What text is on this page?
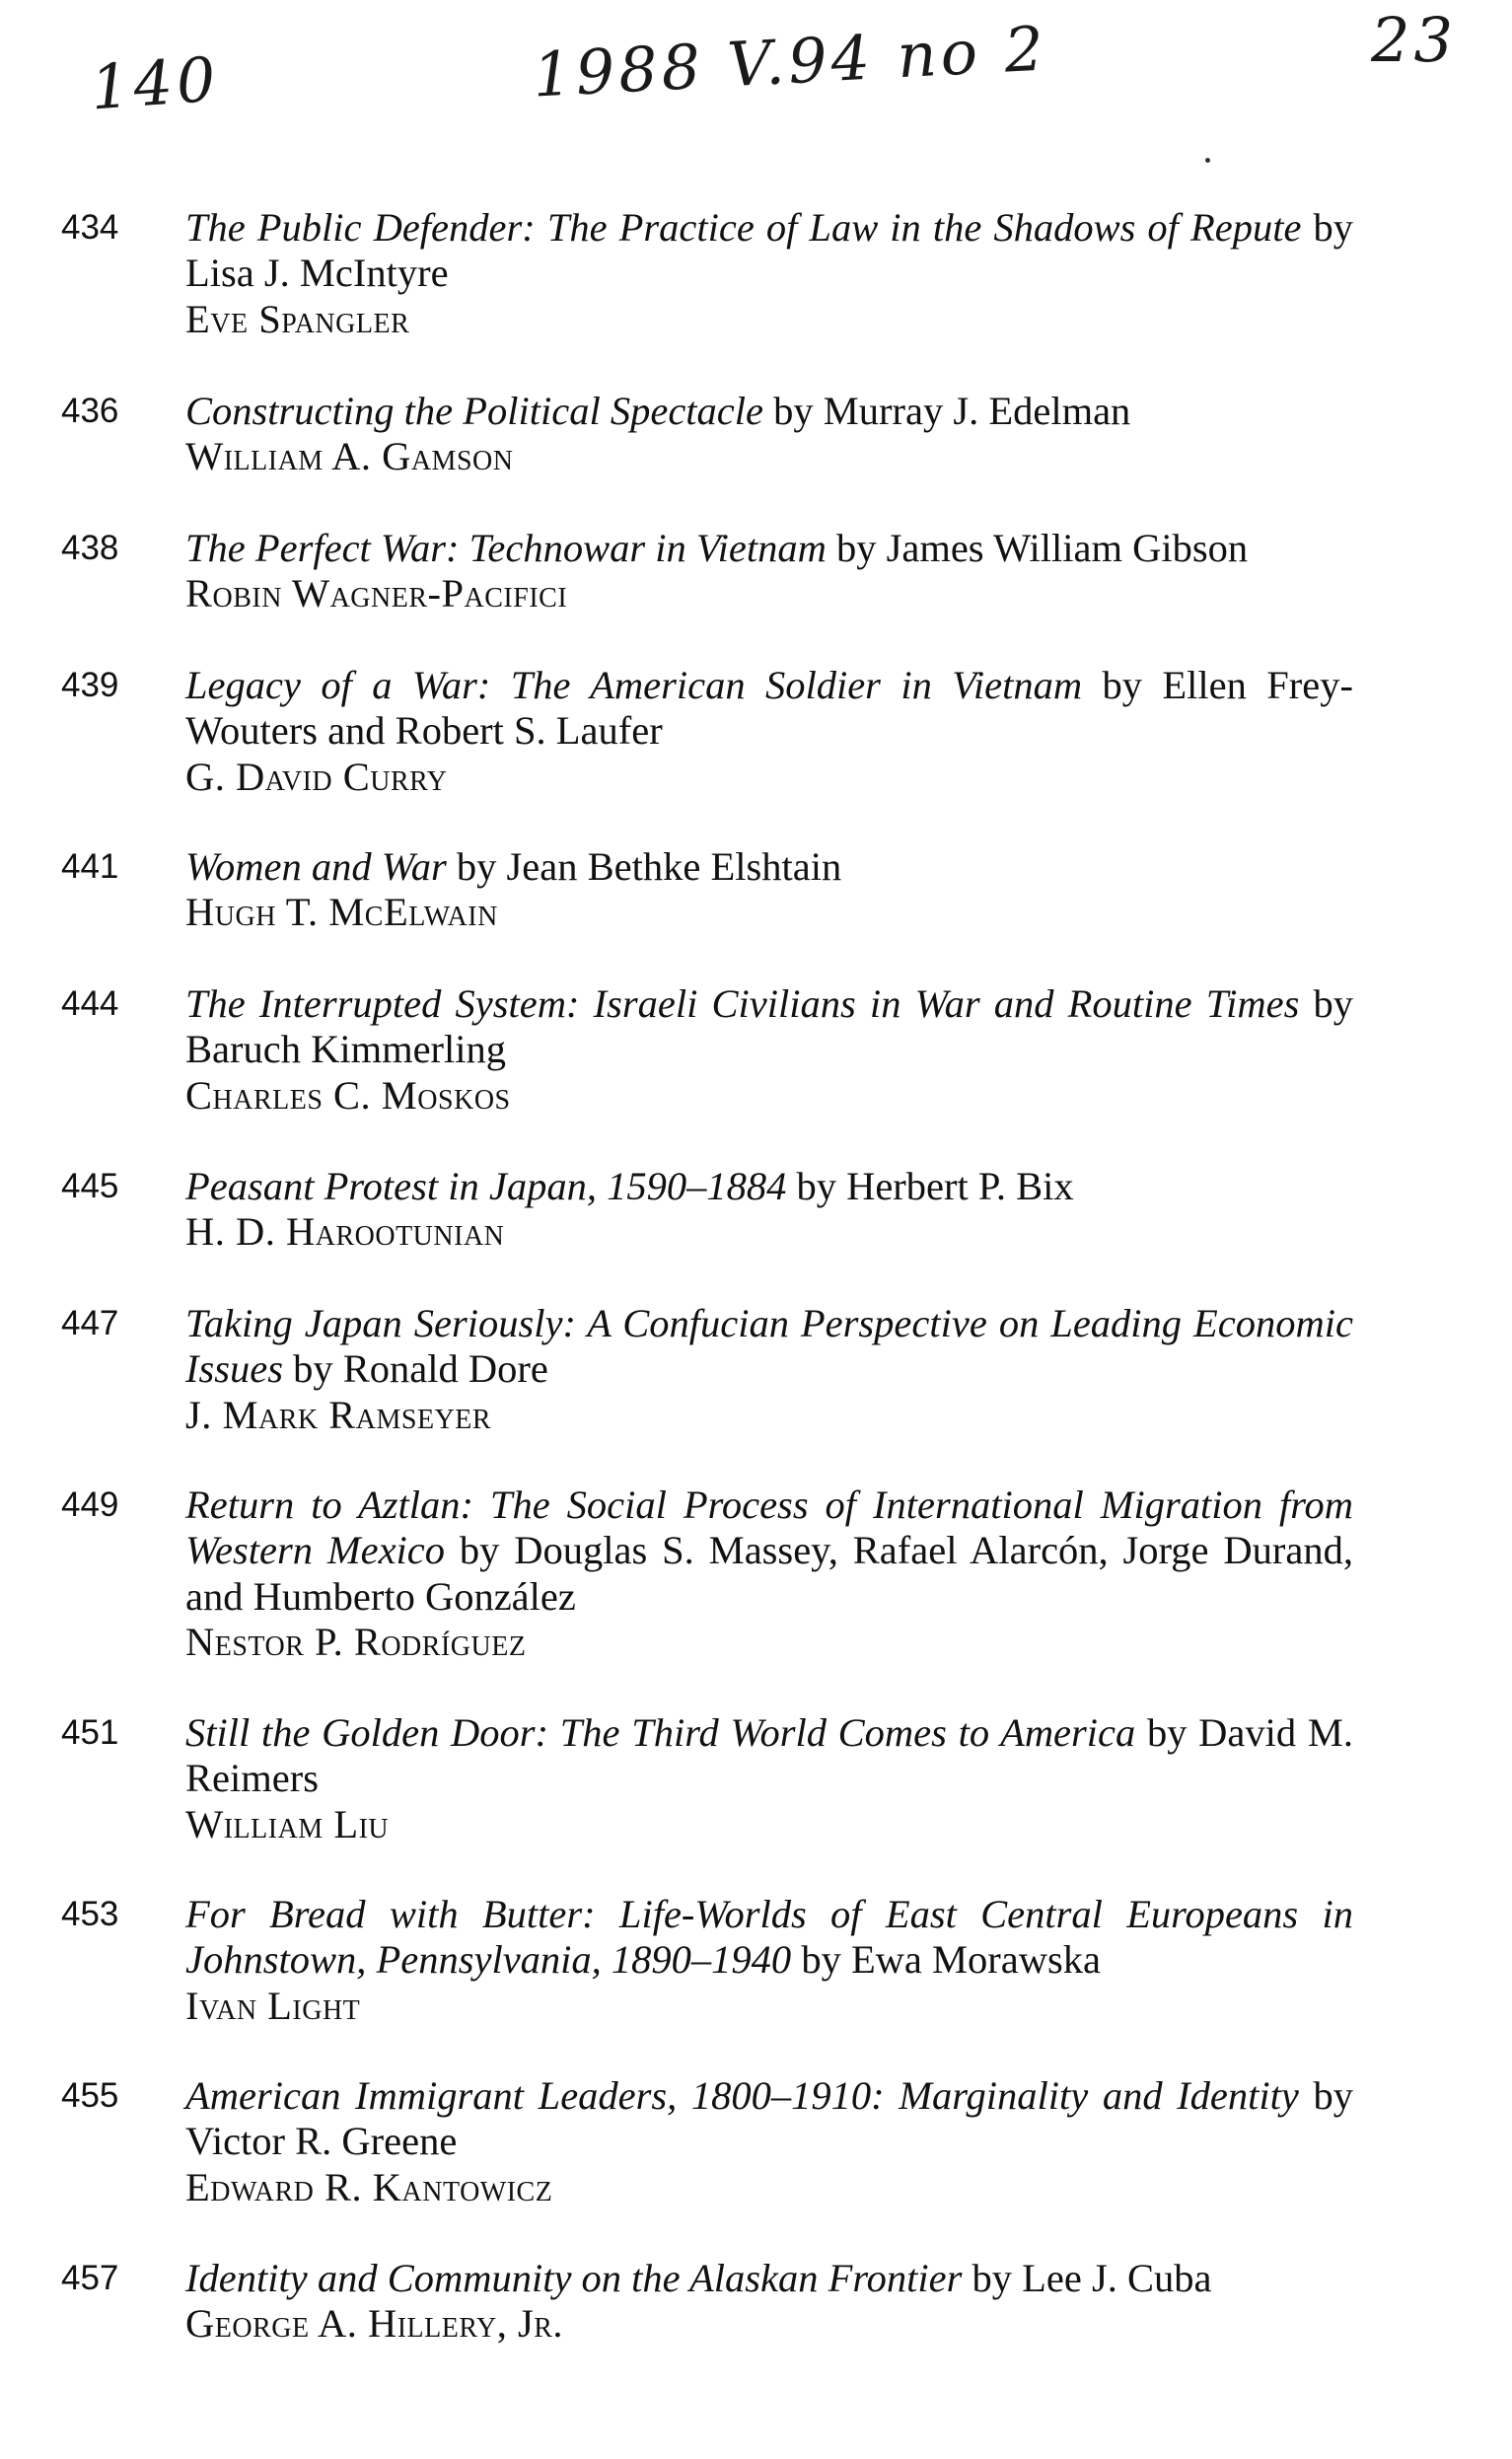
140	1988 V.94 no 2	23
434	The Public Defender: The Practice of Law in the Shadows of Repute by Lisa J. McIntyre
Eve Spangler
436	Constructing the Political Spectacle by Murray J. Edelman
William A. Gamson
438	The Perfect War: Technowar in Vietnam by James William Gibson
Robin Wagner-Pacifici
439	Legacy of a War: The American Soldier in Vietnam by Ellen Frey-Wouters and Robert S. Laufer
G. David Curry
441	Women and War by Jean Bethke Elshtain
Hugh T. McElwain
444	The Interrupted System: Israeli Civilians in War and Routine Times by Baruch Kimmerling
Charles C. Moskos
445	Peasant Protest in Japan, 1590–1884 by Herbert P. Bix
H. D. Harootunian
447	Taking Japan Seriously: A Confucian Perspective on Leading Economic Issues by Ronald Dore
J. Mark Ramseyer
449	Return to Aztlan: The Social Process of International Migration from Western Mexico by Douglas S. Massey, Rafael Alarcón, Jorge Durand, and Humberto González
Nestor P. Rodríguez
451	Still the Golden Door: The Third World Comes to America by David M. Reimers
William Liu
453	For Bread with Butter: Life-Worlds of East Central Europeans in Johnstown, Pennsylvania, 1890–1940 by Ewa Morawska
Ivan Light
455	American Immigrant Leaders, 1800–1910: Marginality and Identity by Victor R. Greene
Edward R. Kantowicz
457	Identity and Community on the Alaskan Frontier by Lee J. Cuba
George A. Hillery, Jr.
